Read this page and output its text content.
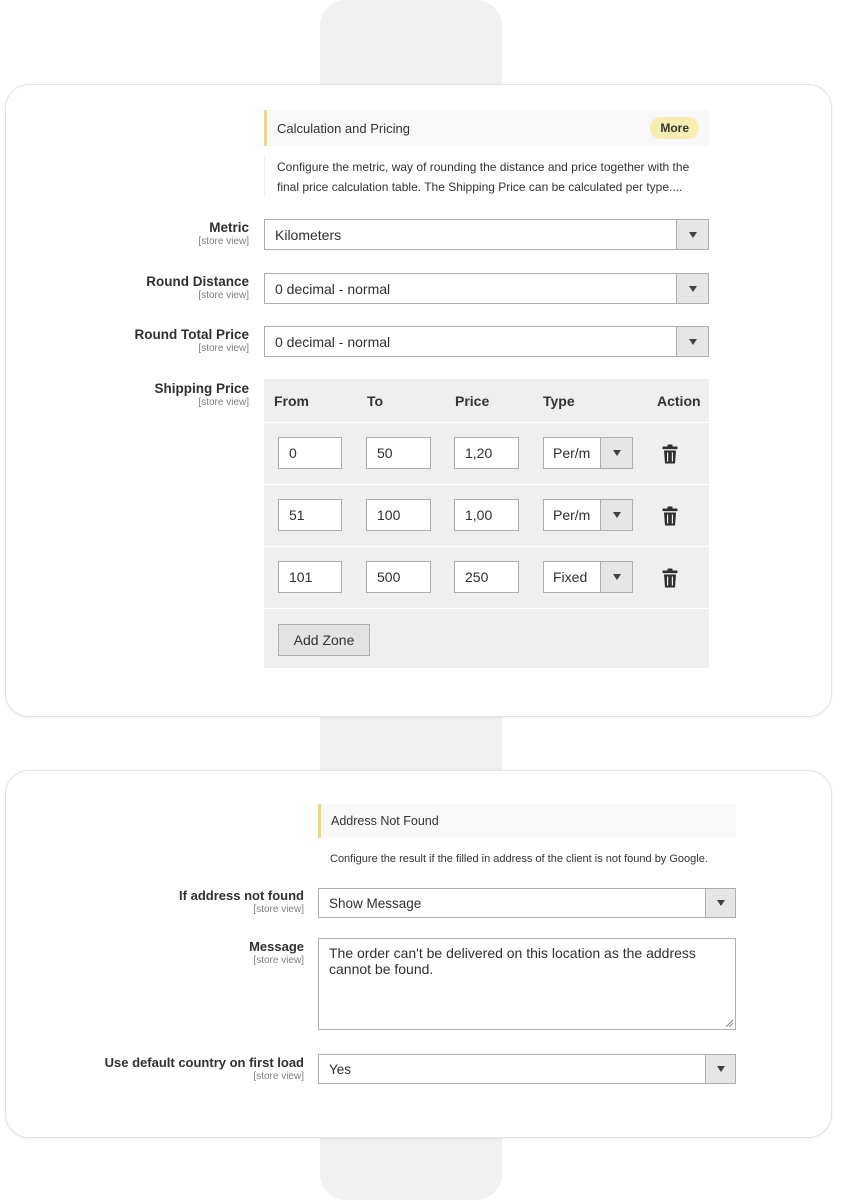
Calculation and Pricing	More
Configure the metric, way of rounding the distance and price together with the final price calculation table. The Shipping Price can be calculated per type....
Metric
[store view]	Kilometers
Round Distance
[store view]	0 decimal - normal
Round Total Price
[store view]	0 decimal - normal
Shipping Price
[store view] From	To	Price	Type	Action
0	50	1,20	Per/m
51	100	1,00	Per/m
101	500	250	Fixed
Add Zone
Address Not Found
Configure the result if the filled in address of the client is not found by Google.
If address not found
[store view]	Show Message
Message
[store view]	The order can't be delivered on this location as the address cannot be found.
Use default country on first load
[store view]	Yes
